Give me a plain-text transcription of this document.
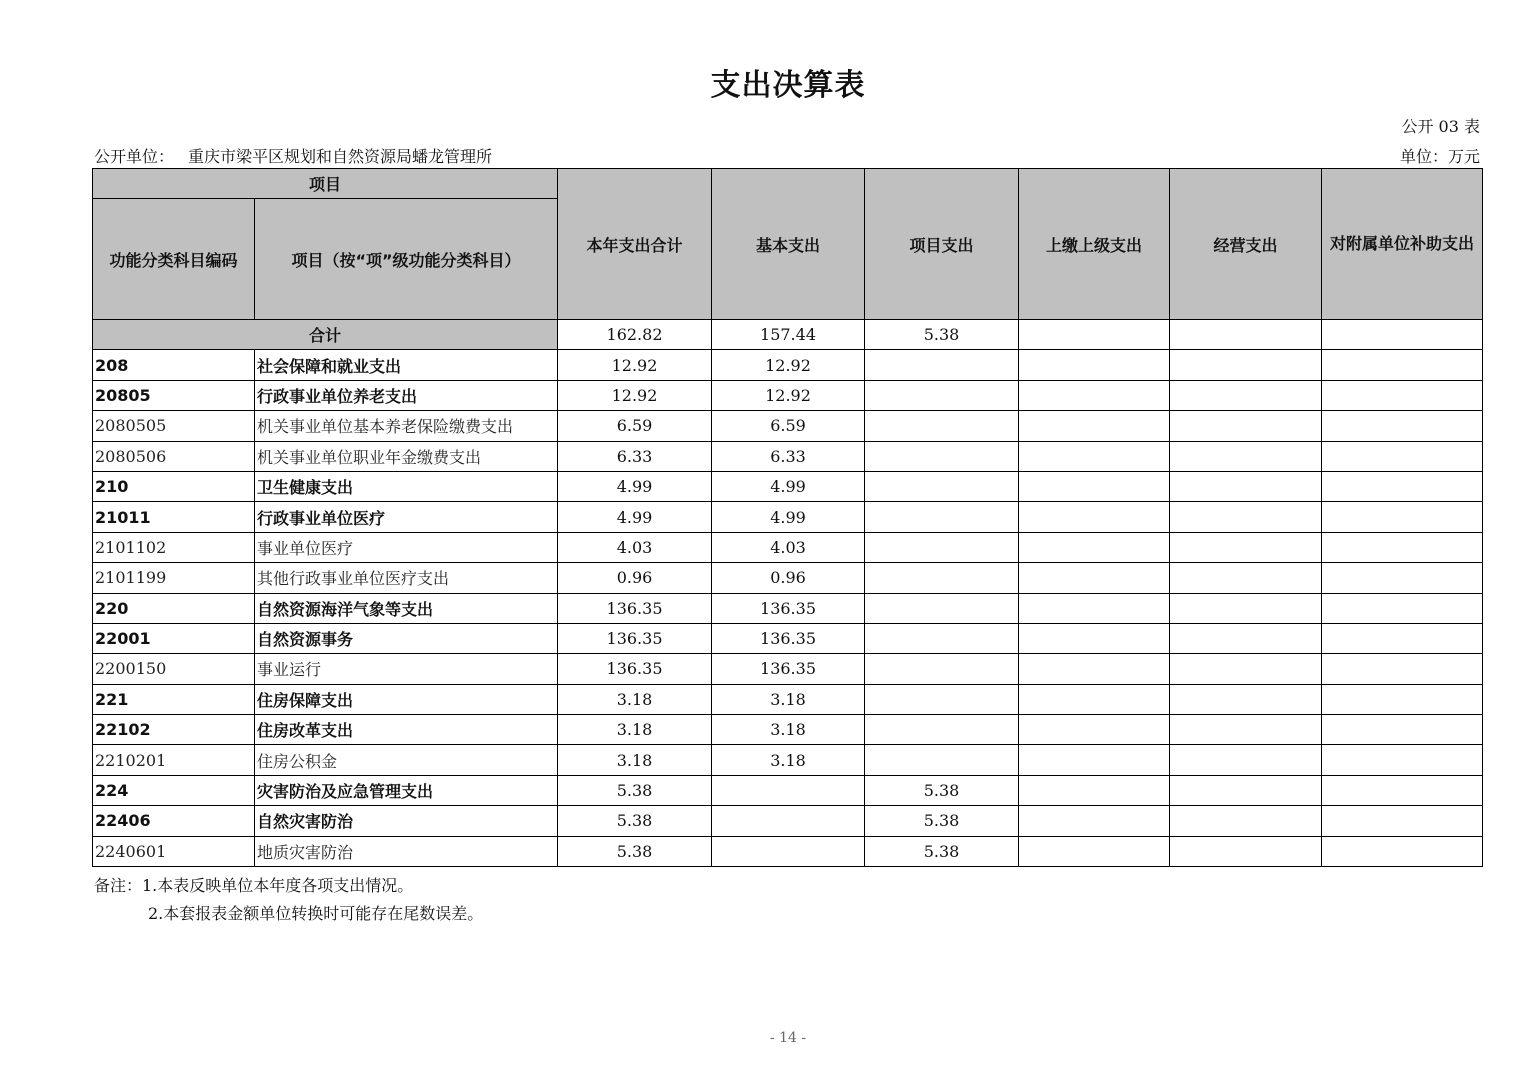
支出决算表
公开 03 表
公开单位： 重庆市梁平区规划和自然资源局蟠龙管理所	单位：万元
项目		本年支出合计	基本支出	项目支出	上缴上级支出	经营支出	对附属单位补助支出
功能分类科目编码	项目（按“项”级功能分类科目）						
合计		162.82	157.44	5.38			
208	社会保障和就业支出	12.92	12.92				
20805	行政事业单位养老支出	12.92	12.92				
2080505	机关事业单位基本养老保险缴费支出	6.59	6.59				
2080506	机关事业单位职业年金缴费支出	6.33	6.33				
210	卫生健康支出	4.99	4.99				
21011	行政事业单位医疗	4.99	4.99				
2101102	事业单位医疗	4.03	4.03				
2101199	其他行政事业单位医疗支出	0.96	0.96				
220	自然资源海洋气象等支出	136.35	136.35				
22001	自然资源事务	136.35	136.35				
2200150	事业运行	136.35	136.35				
221	住房保障支出	3.18	3.18				
22102	住房改革支出	3.18	3.18				
2210201	住房公积金	3.18	3.18				
224	灾害防治及应急管理支出	5.38		5.38			
22406	自然灾害防治	5.38		5.38			
2240601	地质灾害防治	5.38		5.38			
备注：1.本表反映单位本年度各项支出情况。
2.本套报表金额单位转换时可能存在尾数误差。
- 14 -
